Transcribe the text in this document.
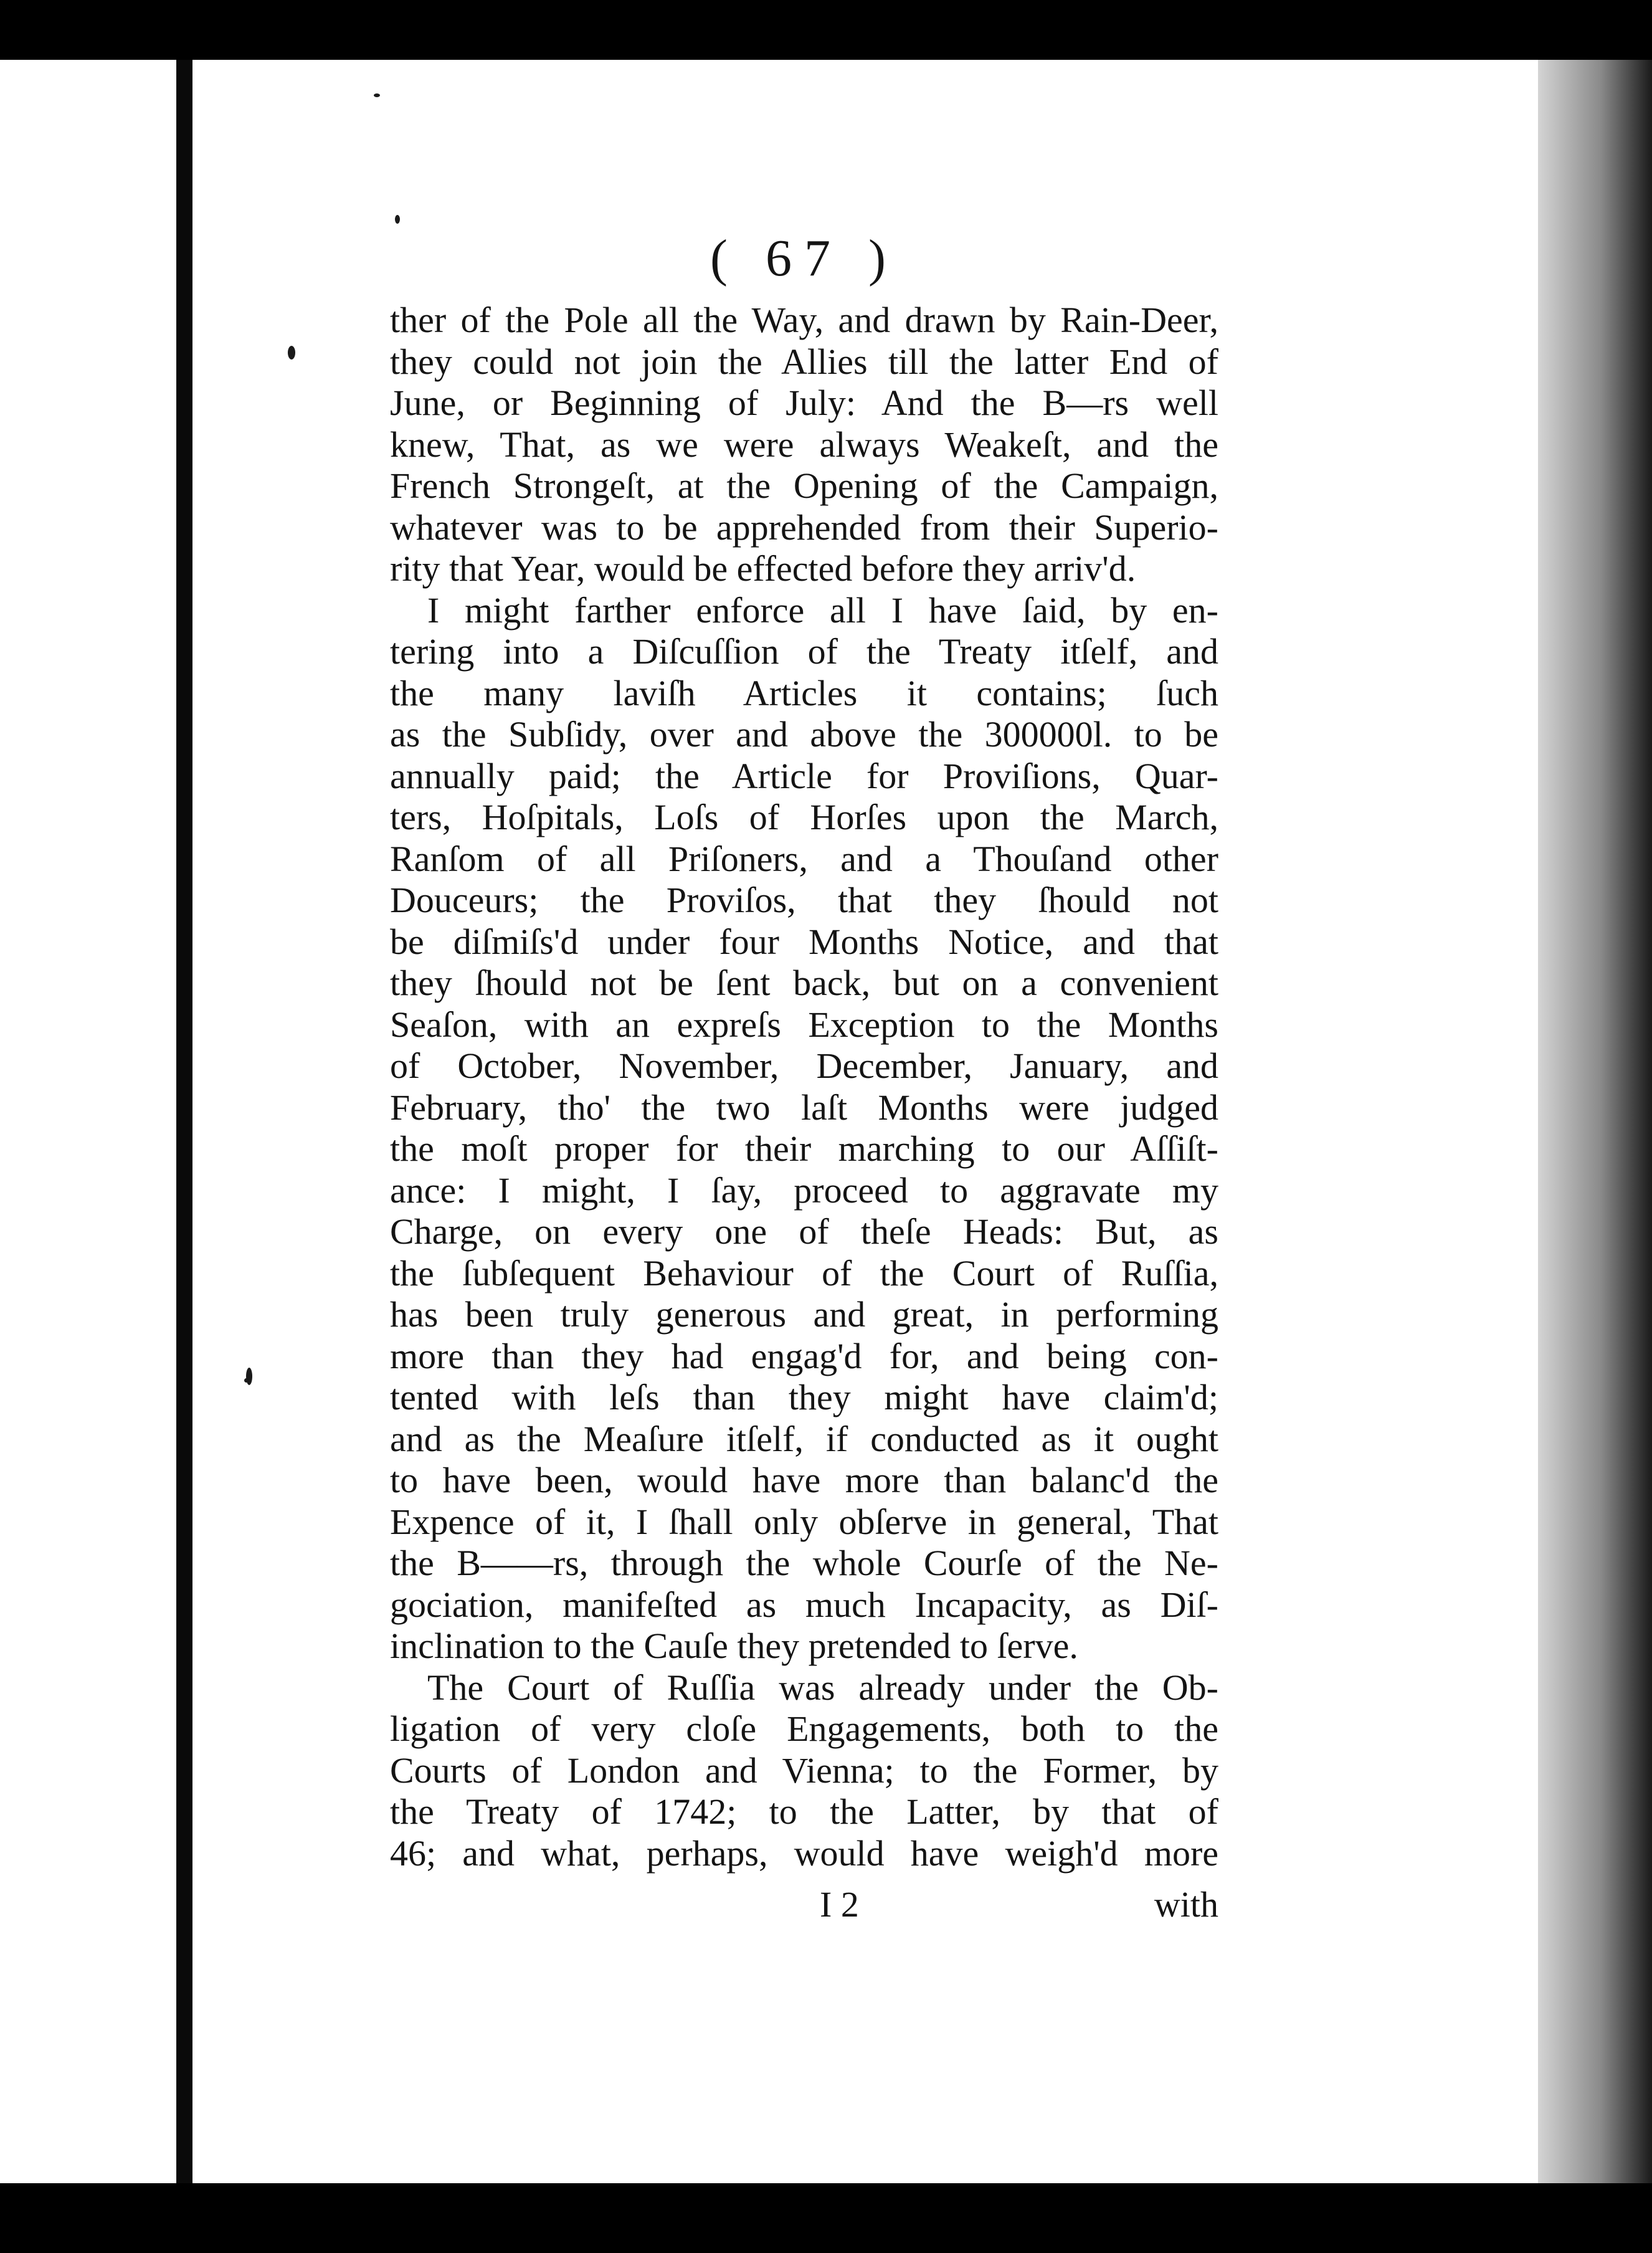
( 67 )
ther of the Pole all the Way, and drawn by Rain-Deer,
they could not join the Allies till the latter End of
June, or Beginning of July: And the B—rs well
knew, That, as we were always Weakeſt, and the
French Strongeſt, at the Opening of the Campaign,
whatever was to be apprehended from their Superio-
rity that Year, would be effected before they arriv'd.
I might farther enforce all I have ſaid, by en-
tering into a Diſcuſſion of the Treaty itſelf, and
the many laviſh Articles it contains; ſuch
as the Subſidy, over and above the 300000l. to be
annually paid; the Article for Proviſions, Quar-
ters, Hoſpitals, Loſs of Horſes upon the March,
Ranſom of all Priſoners, and a Thouſand other
Douceurs; the Proviſos, that they ſhould not
be diſmiſs'd under four Months Notice, and that
they ſhould not be ſent back, but on a convenient
Seaſon, with an expreſs Exception to the Months
of October, November, December, January, and
February, tho' the two laſt Months were judged
the moſt proper for their marching to our Aſſiſt-
ance: I might, I ſay, proceed to aggravate my
Charge, on every one of theſe Heads: But, as
the ſubſequent Behaviour of the Court of Ruſſia,
has been truly generous and great, in performing
more than they had engag'd for, and being con-
tented with leſs than they might have claim'd;
and as the Meaſure itſelf, if conducted as it ought
to have been, would have more than balanc'd the
Expence of it, I ſhall only obſerve in general, That
the B——rs, through the whole Courſe of the Ne-
gociation, manifeſted as much Incapacity, as Diſ-
inclination to the Cauſe they pretended to ſerve.
The Court of Ruſſia was already under the Ob-
ligation of very cloſe Engagements, both to the
Courts of London and Vienna; to the Former, by
the Treaty of 1742; to the Latter, by that of
46; and what, perhaps, would have weigh'd more
I 2	with
